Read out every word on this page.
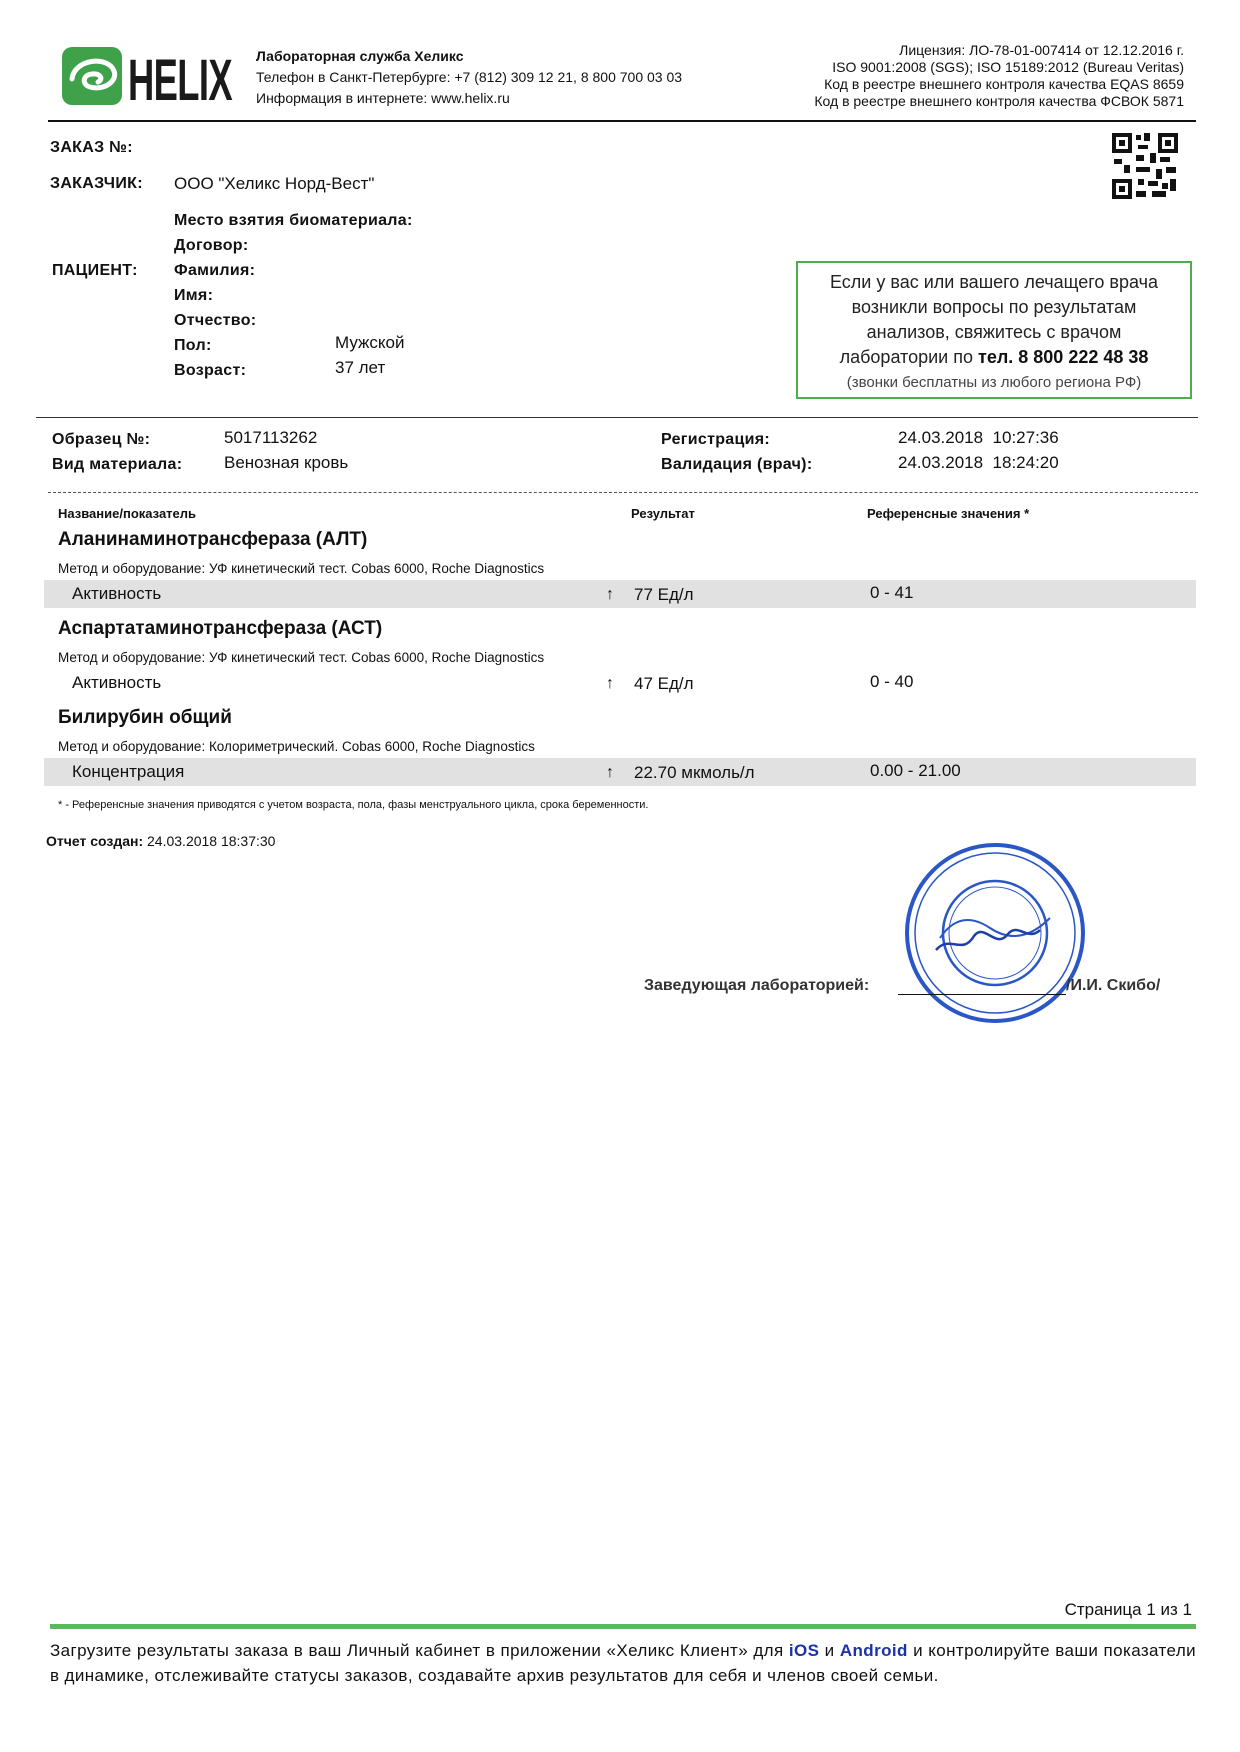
HELIX Лабораторная служба Хеликс
Телефон в Санкт-Петербурге: +7 (812) 309 12 21, 8 800 700 03 03
Информация в интернете: www.helix.ru
Лицензия: ЛО-78-01-007414 от 12.12.2016 г.
ISO 9001:2008 (SGS); ISO 15189:2012 (Bureau Veritas)
Код в реестре внешнего контроля качества EQAS 8659
Код в реестре внешнего контроля качества ФСВОК 5871
ЗАКАЗ №:
ЗАКАЗЧИК: ООО "Хеликс Норд-Вест"
Место взятия биоматериала:
Договор:
ПАЦИЕНТ: Фамилия:
Имя:
Отчество:
Пол:	Мужской
Возраст:	37 лет
Если у вас или вашего лечащего врача
возникли вопросы по результатам
анализов, свяжитесь с врачом
лаборатории по тел. 8 800 222 48 38
(звонки бесплатны из любого региона РФ)
Образец №:	5017113262
Вид материала: Венозная кровь
Регистрация:	24.03.2018  10:27:36
Валидация (врач):	24.03.2018  18:24:20
Название/показатель	Результат	Референсные значения *
Аланинаминотрансфераза (АЛТ)
Метод и оборудование: УФ кинетический тест. Cobas 6000, Roche Diagnostics
Активность	↑ 77 Ед/л	0 - 41
Аспартатаминотрансфераза (АСТ)
Метод и оборудование: УФ кинетический тест. Cobas 6000, Roche Diagnostics
Активность	↑ 47 Ед/л	0 - 40
Билирубин общий
Метод и оборудование: Колориметрический. Cobas 6000, Roche Diagnostics
Концентрация	↑ 22.70 мкмоль/л	0.00 - 21.00
* - Референсные значения приводятся с учетом возраста, пола, фазы менструального цикла, срока беременности.
Отчет создан: 24.03.2018 18:37:30
Заведующая лабораторией:	/И.И. Скибо/
Страница 1 из 1
Загрузите результаты заказа в ваш Личный кабинет в приложении «Хеликс Клиент» для iOS и Android и контролируйте ваши показатели в динамике, отслеживайте статусы заказов, создавайте архив результатов для себя и членов своей семьи.
